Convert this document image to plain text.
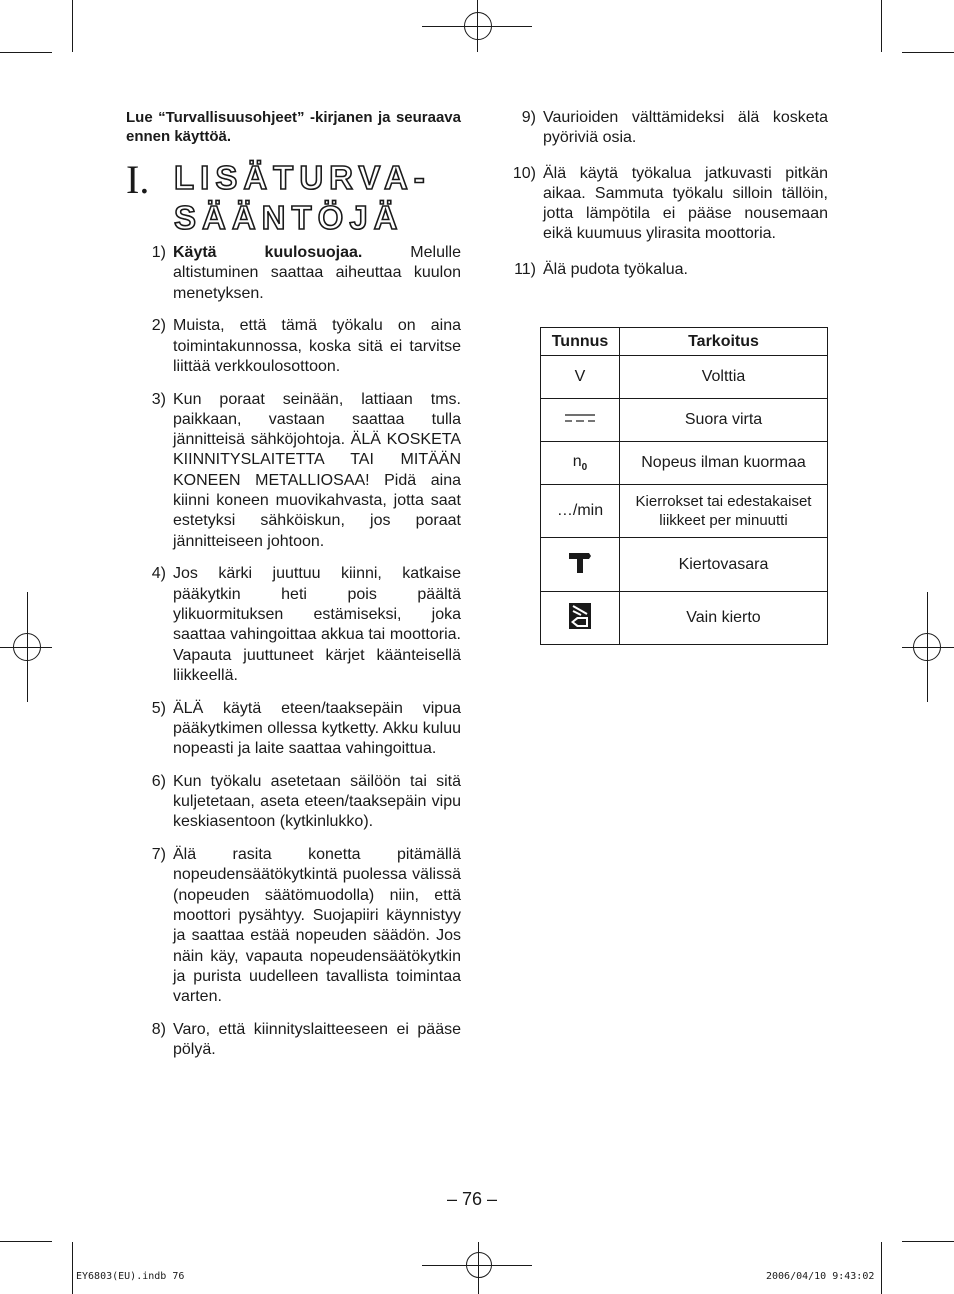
Lue “Turvallisuusohjeet” -kirjanen ja seuraava ennen käyttöä.
I. LISÄTURVA-
SÄÄNTÖJÄ
1) Käytä kuulosuojaa. Melulle altistuminen saattaa aiheuttaa kuulon menetyksen.
2) Muista, että tämä työkalu on aina toimintakunnossa, koska sitä ei tarvitse liittää verkkoulosottoon.
3) Kun poraat seinään, lattiaan tms. paikkaan, vastaan saattaa tulla jännitteisä sähköjohtoja. ÄLÄ KOSKETA KIINNITYSLAITETTA TAI MITÄÄN KONEEN METALLIOSAA! Pidä aina kiinni koneen muovikahvasta, jotta saat estetyksi sähköiskun, jos poraat jännitteiseen johtoon.
4) Jos kärki juuttuu kiinni, katkaise pääkytkin heti pois päältä ylikuormituksen estämiseksi, joka saattaa vahingoittaa akkua tai moottoria. Vapauta juuttuneet kärjet käänteisellä liikkeellä.
5) ÄLÄ käytä eteen/taaksepäin vipua pääkytkimen ollessa kytketty. Akku kuluu nopeasti ja laite saattaa vahingoittua.
6) Kun työkalu asetetaan säilöön tai sitä kuljetetaan, aseta eteen/taaksepäin vipu keskiasentoon (kytkinlukko).
7) Älä rasita konetta pitämällä nopeudensäätökytkintä puolessa välissä (nopeuden säätömuodolla) niin, että moottori pysähtyy. Suojapiiri käynnistyy ja saattaa estää nopeuden säädön. Jos näin käy, vapauta nopeudensäätökytkin ja purista uudelleen tavallista toimintaa varten.
8) Varo, että kiinnityslaitteeseen ei pääse pölyä.
9) Vaurioiden välttämideksi älä kosketa pyöriviä osia.
10) Älä käytä työkalua jatkuvasti pitkän aikaa. Sammuta työkalu silloin tällöin, jotta lämpötila ei pääse nousemaan eikä kuumuus ylirasita moottoria.
11) Älä pudota työkalua.
Tunnus	Tarkoitus
V	Volttia
	Suora virta
$n_0$	Nopeus ilman kuormaa
…/min	Kierrokset tai edestakaiset liikkeet per minuutti
	Kiertovasara
	Vain kierto
– 76 –
EY6803(EU).indb 76	2006/04/10 9:43:02
